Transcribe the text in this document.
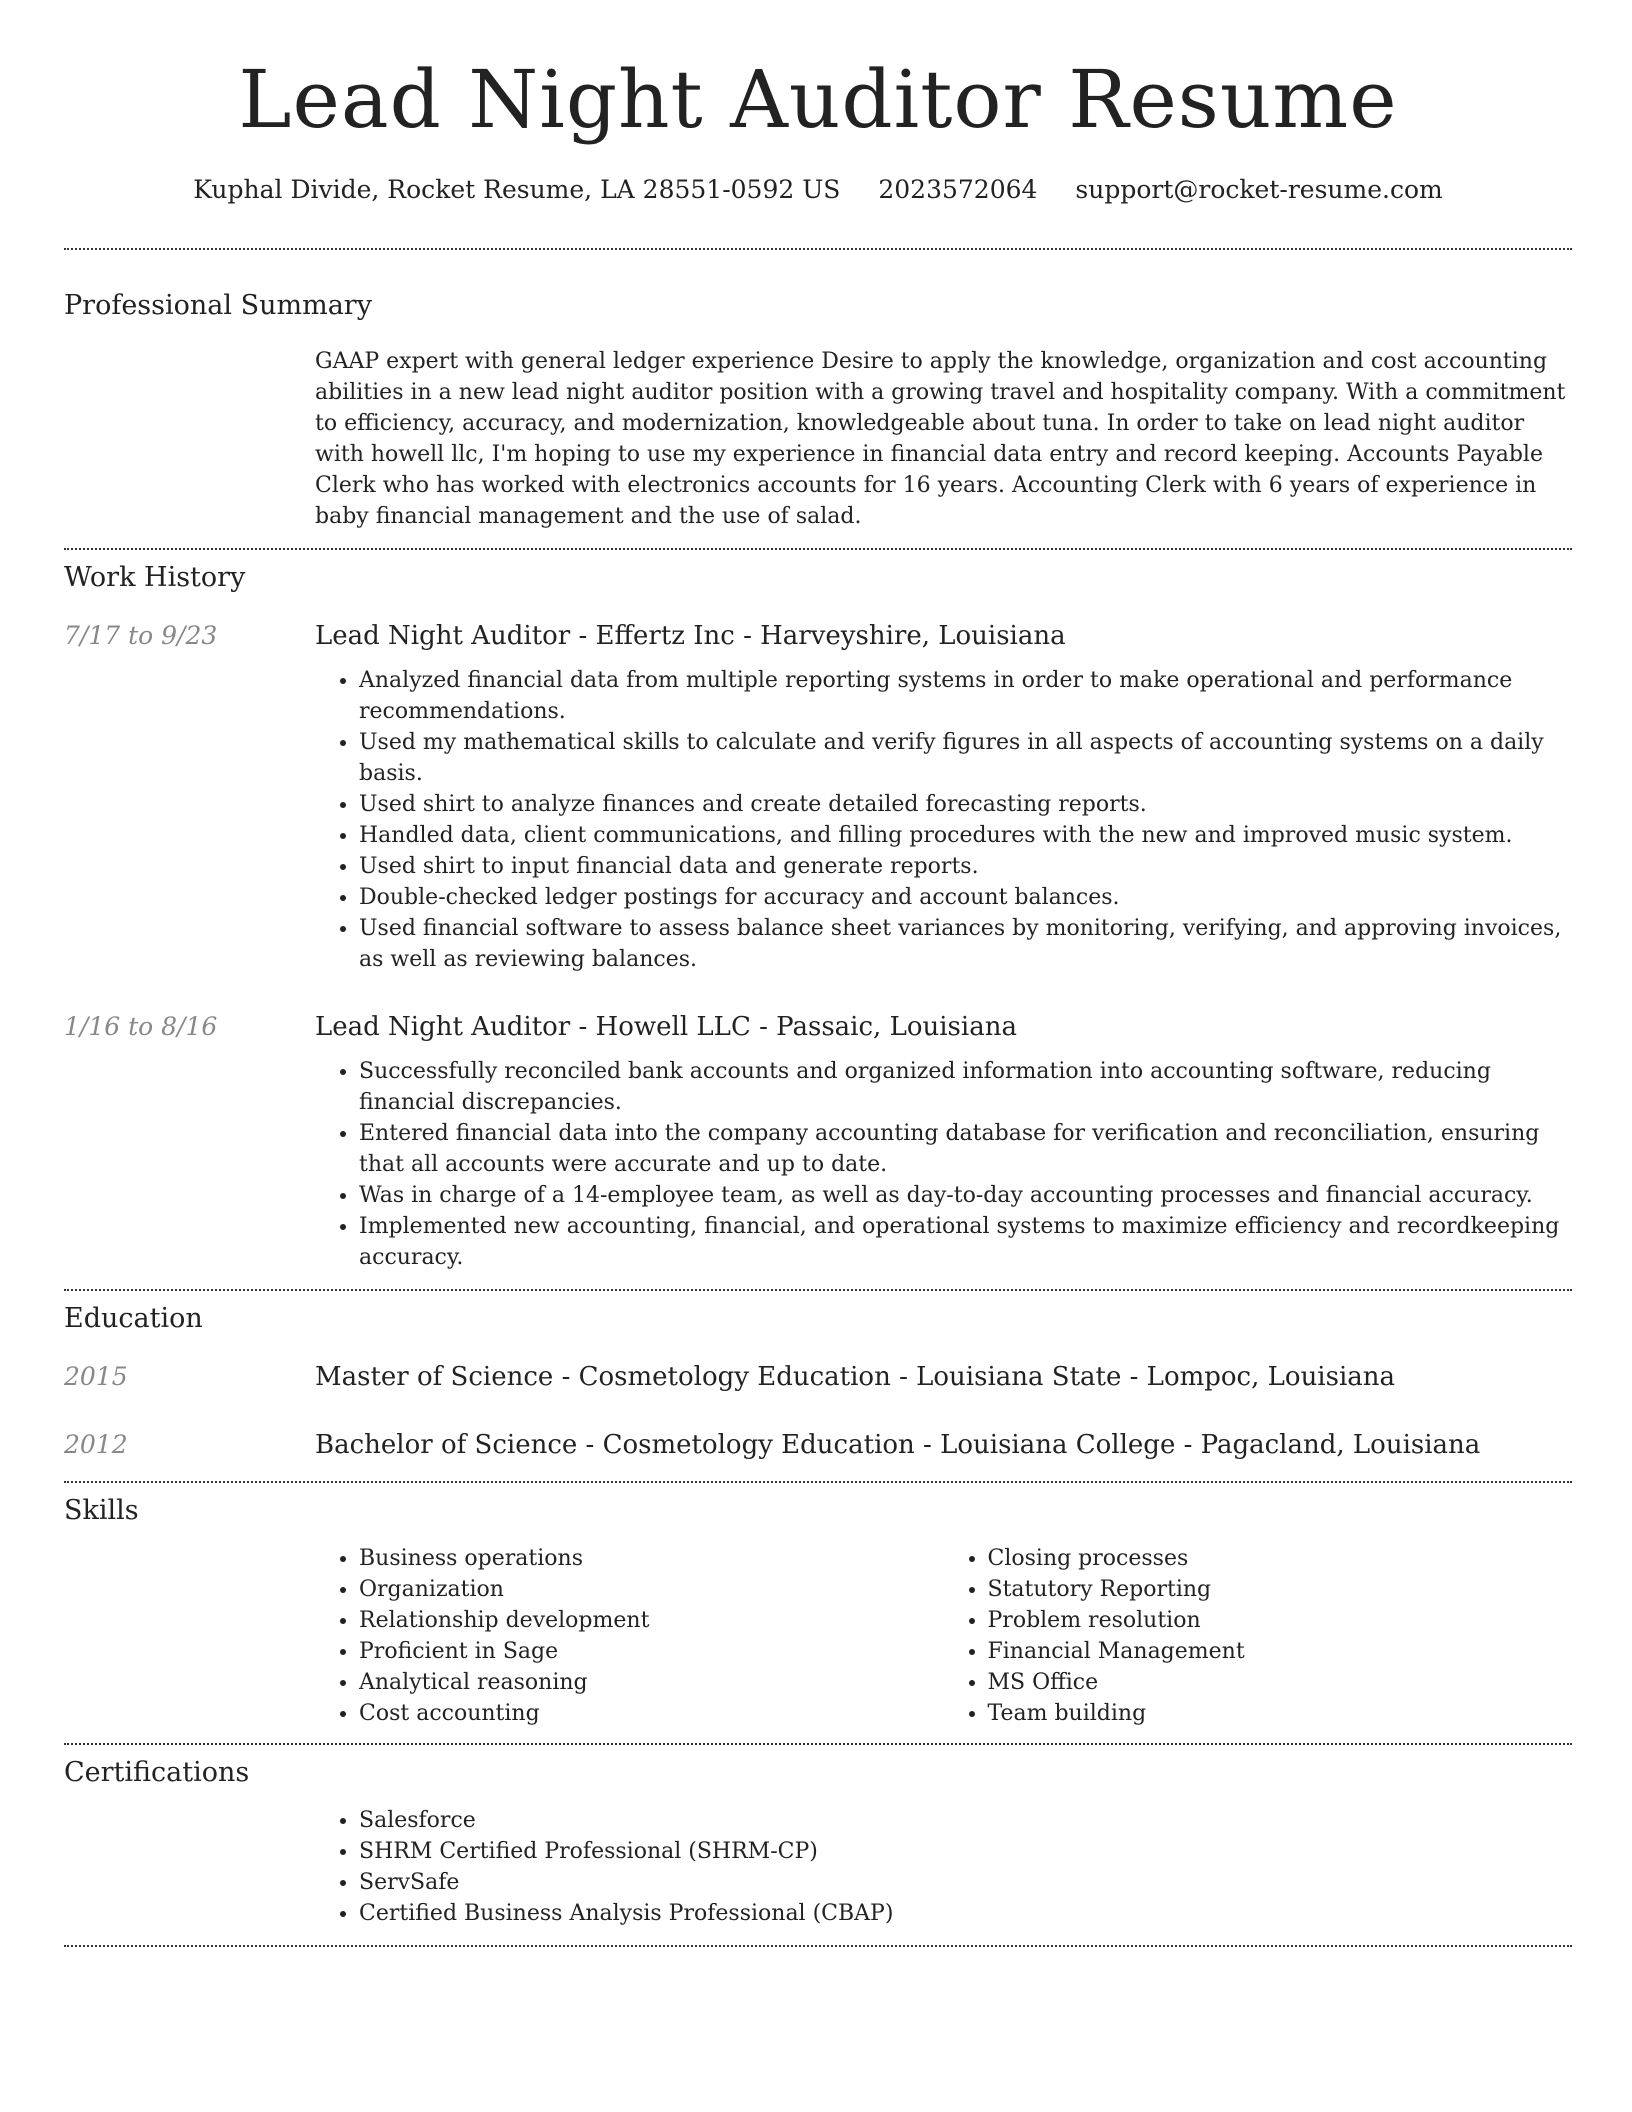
Lead Night Auditor Resume
Kuphal Divide, Rocket Resume, LA 28551-0592 US 2023572064 support@rocket-resume.com
Professional Summary

GAAP expert with general ledger experience Desire to apply the knowledge, organization and cost accounting abilities in a new lead night auditor position with a growing travel and hospitality company. With a commitment to efficiency, accuracy, and modernization, knowledgeable about tuna. In order to take on lead night auditor with howell llc, I'm hoping to use my experience in financial data entry and record keeping. Accounts Payable Clerk who has worked with electronics accounts for 16 years. Accounting Clerk with 6 years of experience in baby financial management and the use of salad.

Work History
7/17 to 9/23	Lead Night Auditor - Effertz Inc - Harveyshire, Louisiana
• Analyzed financial data from multiple reporting systems in order to make operational and performance recommendations.
• Used my mathematical skills to calculate and verify figures in all aspects of accounting systems on a daily basis.
• Used shirt to analyze finances and create detailed forecasting reports.
• Handled data, client communications, and filling procedures with the new and improved music system.
• Used shirt to input financial data and generate reports.
• Double-checked ledger postings for accuracy and account balances.
• Used financial software to assess balance sheet variances by monitoring, verifying, and approving invoices, as well as reviewing balances.
1/16 to 8/16	Lead Night Auditor - Howell LLC - Passaic, Louisiana
• Successfully reconciled bank accounts and organized information into accounting software, reducing financial discrepancies.
• Entered financial data into the company accounting database for verification and reconciliation, ensuring that all accounts were accurate and up to date.
• Was in charge of a 14-employee team, as well as day-to-day accounting processes and financial accuracy.
• Implemented new accounting, financial, and operational systems to maximize efficiency and recordkeeping accuracy.
Education
2015	Master of Science - Cosmetology Education - Louisiana State - Lompoc, Louisiana
2012	Bachelor of Science - Cosmetology Education - Louisiana College - Pagacland, Louisiana
Skills
• Business operations
• Organization
• Relationship development
• Proficient in Sage
• Analytical reasoning
• Cost accounting
• Closing processes
• Statutory Reporting
• Problem resolution
• Financial Management
• MS Office
• Team building
Certifications
• Salesforce
• SHRM Certified Professional (SHRM-CP)
• ServSafe
• Certified Business Analysis Professional (CBAP)
